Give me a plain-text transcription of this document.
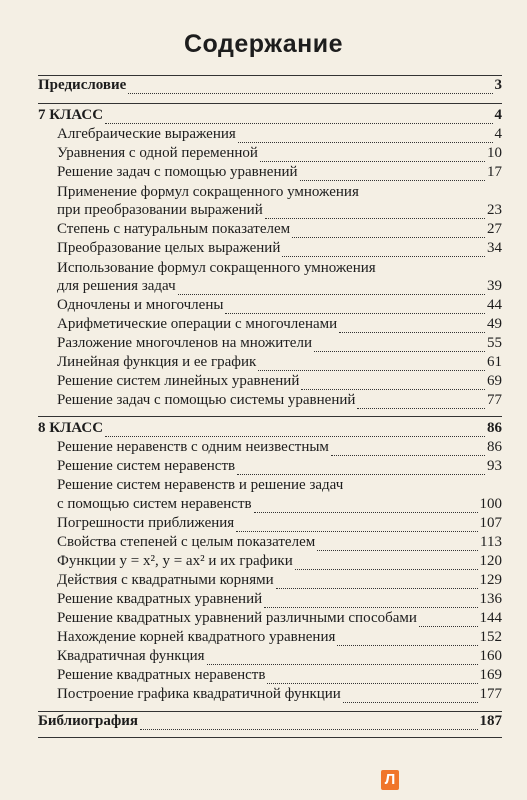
Содержание
Предисловие	3
7 КЛАСС	4
Алгебраические выражения	4
Уравнения с одной переменной	10
Решение задач с помощью уравнений	17
Применение формул сокращенного умножения
при преобразовании выражений	23
Степень с натуральным показателем	27
Преобразование целых выражений	34
Использование формул сокращенного умножения
для решения задач	39
Одночлены и многочлены	44
Арифметические операции с многочленами	49
Разложение многочленов на множители	55
Линейная функция и ее график	61
Решение систем линейных уравнений	69
Решение задач с помощью системы уравнений	77
8 КЛАСС	86
Решение неравенств с одним неизвестным	86
Решение систем неравенств	93
Решение систем неравенств и решение задач
с помощью систем неравенств	100
Погрешности приближения	107
Свойства степеней с целым показателем	113
Функции y = x², y = ax² и их графики	120
Действия с квадратными корнями	129
Решение квадратных уравнений	136
Решение квадратных уравнений различными способами	144
Нахождение корней квадратного уравнения	152
Квадратичная функция	160
Решение квадратных неравенств	169
Построение графика квадратичной функции	177
Библиография	187
Л
